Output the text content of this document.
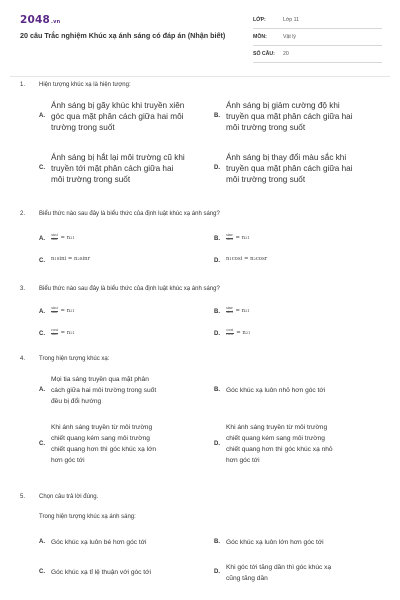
2048.vn
20 câu Trắc nghiệm Khúc xạ ánh sáng có đáp án (Nhận biết)
LỚP:	Lớp 11
MÔN:	Vật lý
SỐ CÂU: 20
1. Hiện tượng khúc xạ là hiện tượng:
A.
Ánh sáng bị gãy khúc khi truyền xiên
góc qua mặt phân cách giữa hai môi
trường trong suốt
B.
Ánh sáng bị giảm cường độ khi
truyền qua mặt phân cách giữa hai
môi trường trong suốt
C.
Ánh sáng bị hắt lại môi trường cũ khi
truyền tới mặt phân cách giữa hai
môi trường trong suốt
D.
Ánh sáng bị thay đổi màu sắc khi
truyền qua mặt phân cách giữa hai
môi trường trong suốt
2. Biểu thức nào sau đây là biểu thức của định luật khúc xạ ánh sáng?
A. $\frac{\sin i}{\sin r} = n$ 21	B. $\frac{\sin r}{\sin i} = n$ 21
C. n 1 sini = n 2 sinr	D. n 1 cosi = n 2 cosr
3. Biểu thức nào sau đây là biểu thức của định luật khúc xạ ánh sáng?
A. $\frac{\sin i}{\sin r} = n$ 21	B. $\frac{\sin r}{\sin i} = n$ 21
C. $\frac{\cos i}{\sin r} = n$ 21	D. $\frac{\cos i}{\cos r} = n$ 21
4. Trong hiện tượng khúc xạ:
A.
Mọi tia sáng truyền qua mặt phân
cách giữa hai môi trường trong suốt
đều bị đổi hướng
B. Góc khúc xạ luôn nhỏ hơn góc tới
C.
Khi ánh sáng truyền từ môi trường
chiết quang kém sang môi trường
chiết quang hơn thì góc khúc xạ lớn
hơn góc tới
D.
Khi ánh sáng truyền từ môi trường
chiết quang kém sang môi trường
chiết quang hơn thì góc khúc xạ nhỏ
hơn góc tới
5. Chọn câu trả lời đúng.
Trong hiện tượng khúc xạ ánh sáng:
A. Góc khúc xạ luôn bé hơn góc tới	B. Góc khúc xạ luôn lớn hơn góc tới
C. Góc khúc xạ tỉ lệ thuận với góc tới	D.
Khi góc tới tăng dần thì góc khúc xạ
cũng tăng dần
